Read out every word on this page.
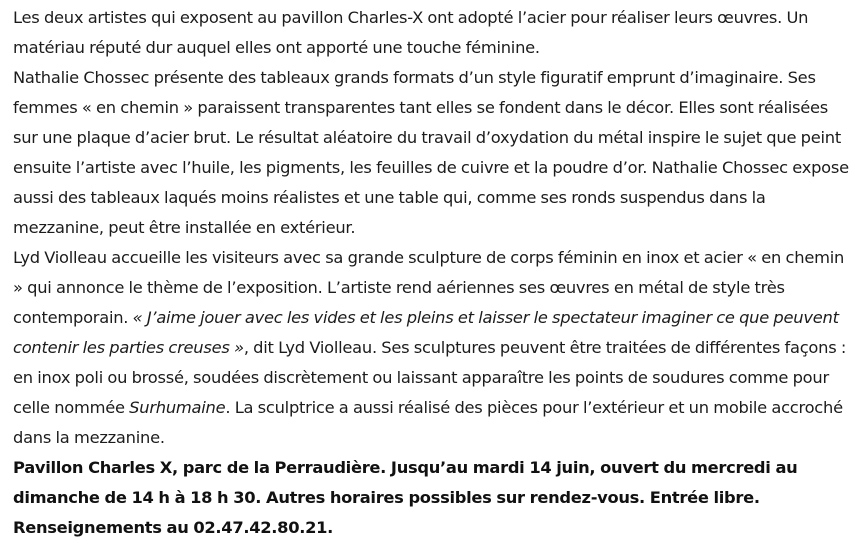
Les deux artistes qui exposent au pavillon Charles-X ont adopté l’acier pour réaliser leurs œuvres. Un matériau réputé dur auquel elles ont apporté une touche féminine.

Nathalie Chossec présente des tableaux grands formats d’un style figuratif emprunt d’imaginaire. Ses femmes « en chemin » paraissent transparentes tant elles se fondent dans le décor. Elles sont réalisées sur une plaque d’acier brut. Le résultat aléatoire du travail d’oxydation du métal inspire le sujet que peint ensuite l’artiste avec l’huile, les pigments, les feuilles de cuivre et la poudre d’or. Nathalie Chossec expose aussi des tableaux laqués moins réalistes et une table qui, comme ses ronds suspendus dans la mezzanine, peut être installée en extérieur.

Lyd Violleau accueille les visiteurs avec sa grande sculpture de corps féminin en inox et acier « en chemin » qui annonce le thème de l’exposition. L’artiste rend aériennes ses œuvres en métal de style très contemporain. « J’aime jouer avec les vides et les pleins et laisser le spectateur imaginer ce que peuvent contenir les parties creuses », dit Lyd Violleau. Ses sculptures peuvent être traitées de différentes façons : en inox poli ou brossé, soudées discrètement ou laissant apparaître les points de soudures comme pour celle nommée Surhumaine. La sculptrice a aussi réalisé des pièces pour l’extérieur et un mobile accroché dans la mezzanine.

Pavillon Charles X, parc de la Perraudière. Jusqu’au mardi 14 juin, ouvert du mercredi au dimanche de 14 h à 18 h 30. Autres horaires possibles sur rendez-vous. Entrée libre. Renseignements au 02.47.42.80.21.
